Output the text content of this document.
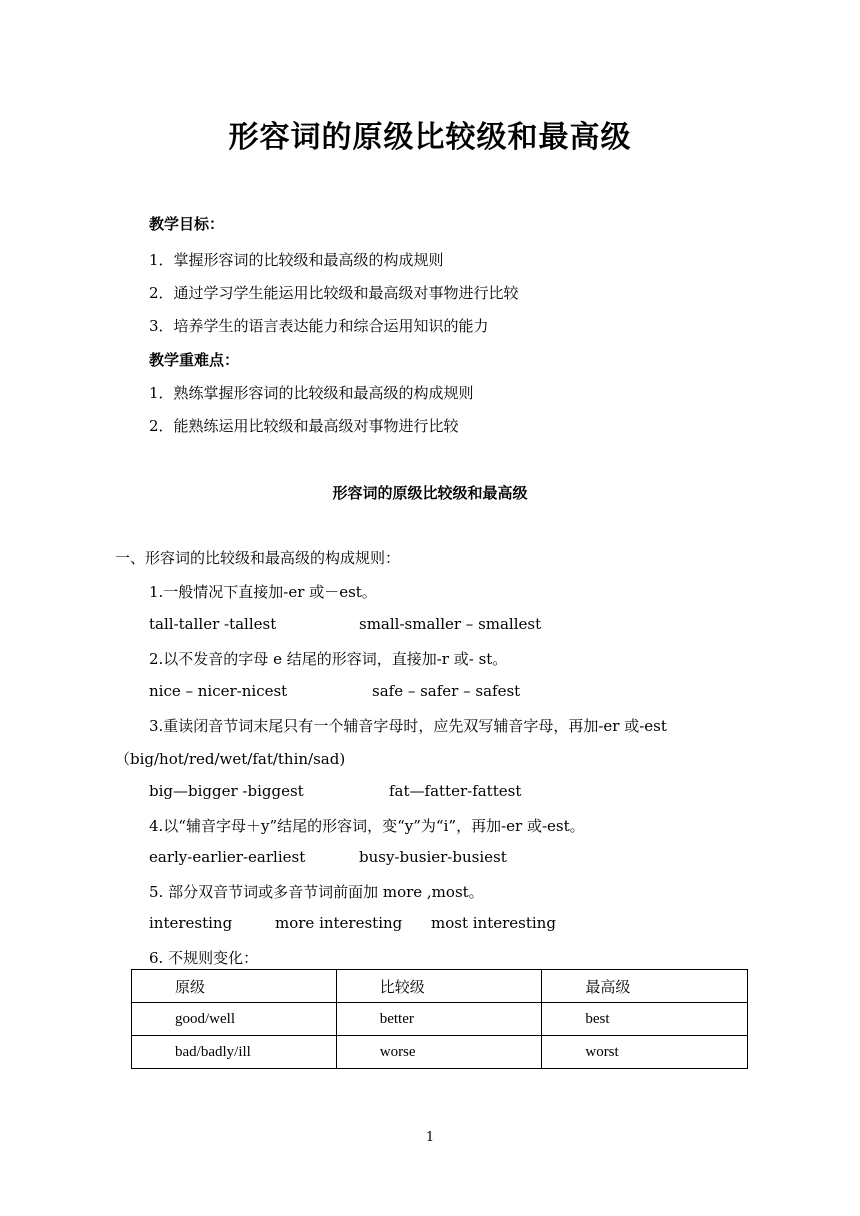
形容词的原级比较级和最高级
教学目标：
1．掌握形容词的比较级和最高级的构成规则
2．通过学习学生能运用比较级和最高级对事物进行比较
3．培养学生的语言表达能力和综合运用知识的能力
教学重难点：
1．熟练掌握形容词的比较级和最高级的构成规则
2．能熟练运用比较级和最高级对事物进行比较
形容词的原级比较级和最高级
一、形容词的比较级和最高级的构成规则：
1.一般情况下直接加-er 或－est。
tall-taller -tallest	small-smaller – smallest
2.以不发音的字母 e 结尾的形容词，直接加-r 或- st。
nice – nicer-nicest	safe – safer – safest
3.重读闭音节词末尾只有一个辅音字母时，应先双写辅音字母，再加-er 或-est
（big/hot/red/wet/fat/thin/sad)
big—bigger -biggest	fat—fatter-fattest
4.以“辅音字母＋y”结尾的形容词，变“y”为“i”，再加-er 或-est。
early-earlier-earliest	busy-busier-busiest
5. 部分双音节词或多音节词前面加 more ,most。
interesting	more interesting most interesting
6. 不规则变化：
原级	比较级	最高级
good/well	better	best
bad/badly/ill	worse	worst
1
